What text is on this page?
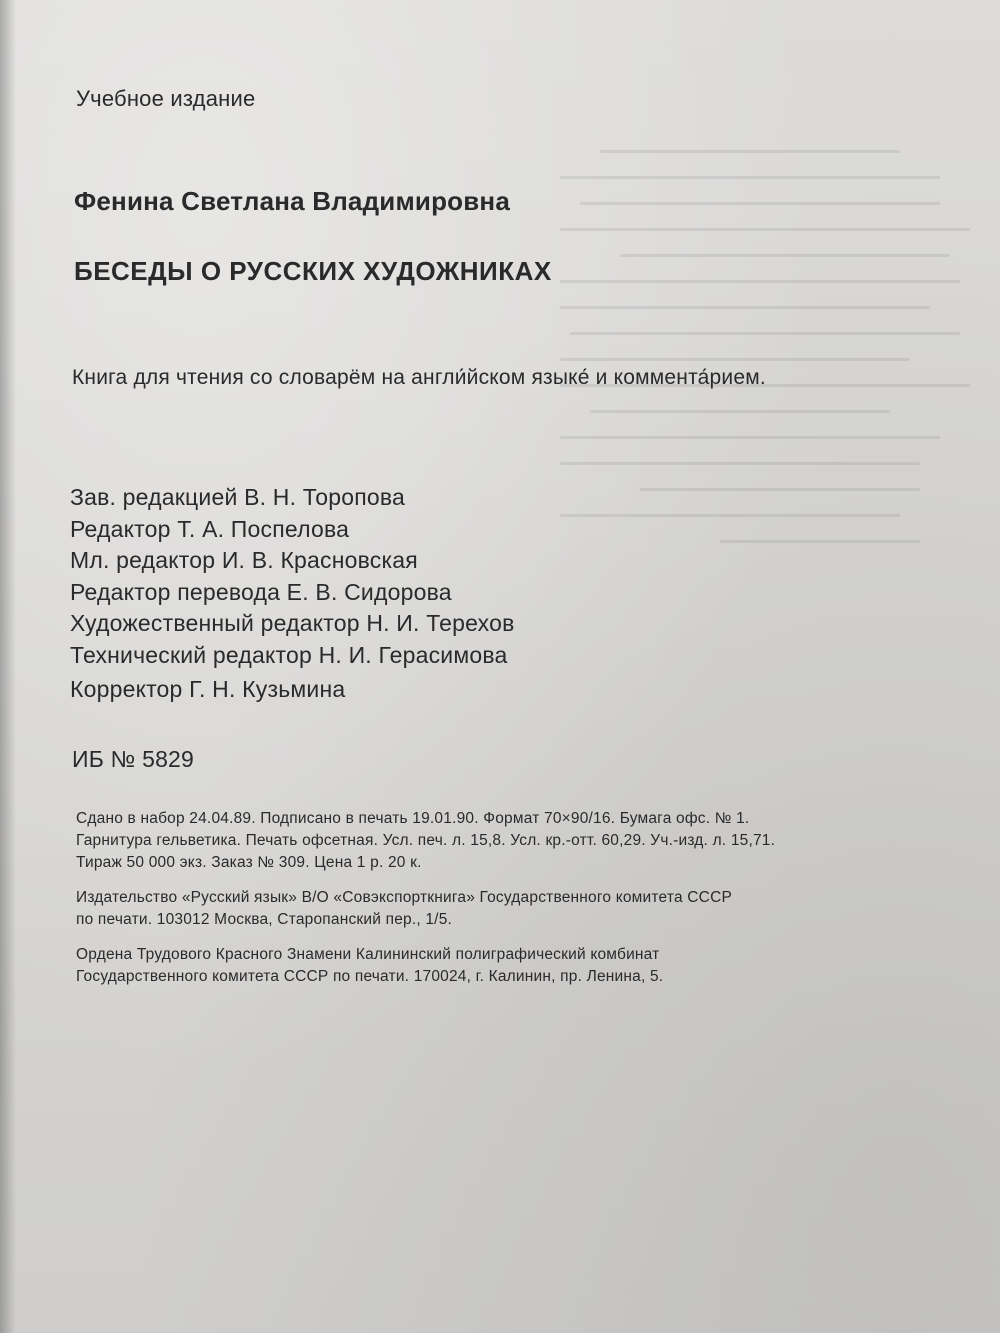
Учебное издание
Фенина Светлана Владимировна
БЕСЕДЫ О РУССКИХ ХУДОЖНИКАХ
Книга для чтения со словарём на англи́йском языке́ и коммента́рием.
Зав. редакцией В. Н. Торопова
Редактор Т. А. Поспелова
Мл. редактор И. В. Красновская
Редактор перевода Е. В. Сидорова
Художественный редактор Н. И. Терехов
Технический редактор Н. И. Герасимова
Корректор Г. Н. Кузьмина
ИБ № 5829
Сдано в набор 24.04.89. Подписано в печать 19.01.90. Формат 70×90/16. Бумага офс. № 1.
Гарнитура гельветика. Печать офсетная. Усл. печ. л. 15,8. Усл. кр.-отт. 60,29. Уч.-изд. л. 15,71.
Тираж 50 000 экз. Заказ № 309. Цена 1 р. 20 к.
Издательство «Русский язык» В/О «Совэкспорткнига» Государственного комитета СССР
по печати. 103012 Москва, Старопанский пер., 1/5.
Ордена Трудового Красного Знамени Калининский полиграфический комбинат
Государственного комитета СССР по печати. 170024, г. Калинин, пр. Ленина, 5.
